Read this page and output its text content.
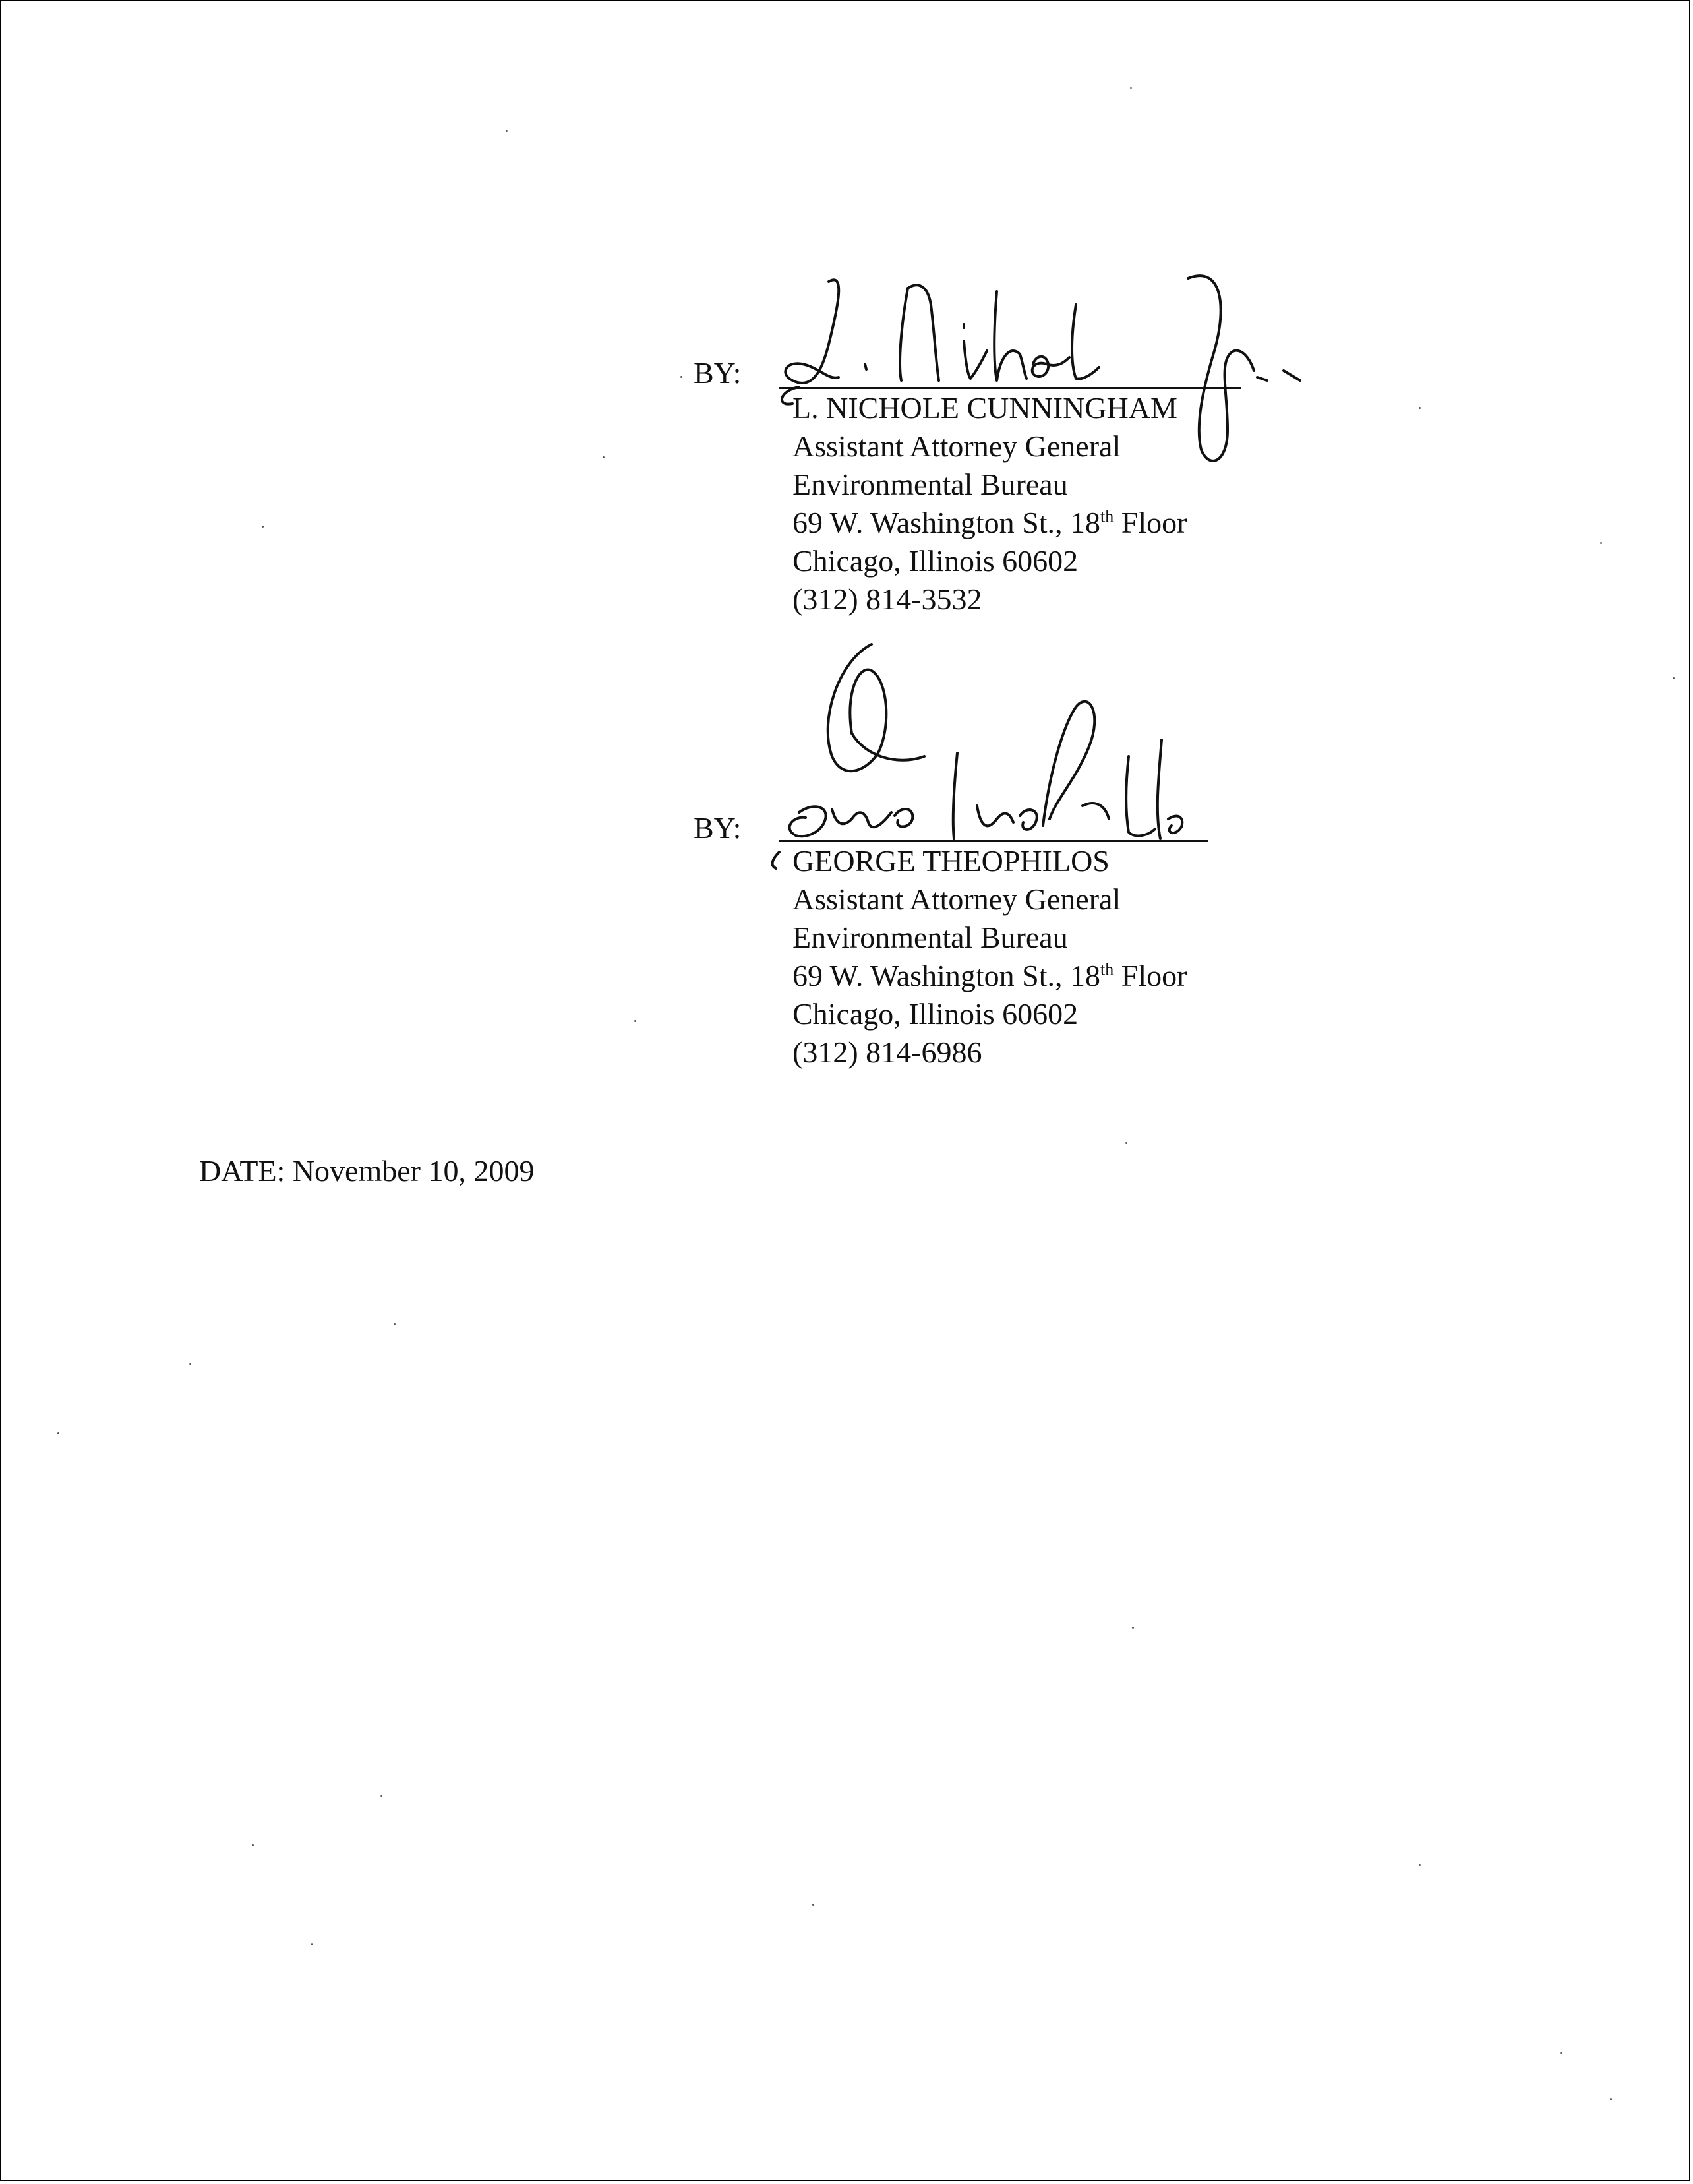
BY:
L. NICHOLE CUNNINGHAM
Assistant Attorney General
Environmental Bureau
69 W. Washington St., 18th Floor
Chicago, Illinois 60602
(312) 814-3532
BY:
GEORGE THEOPHILOS
Assistant Attorney General
Environmental Bureau
69 W. Washington St., 18th Floor
Chicago, Illinois 60602
(312) 814-6986
DATE: November 10, 2009
